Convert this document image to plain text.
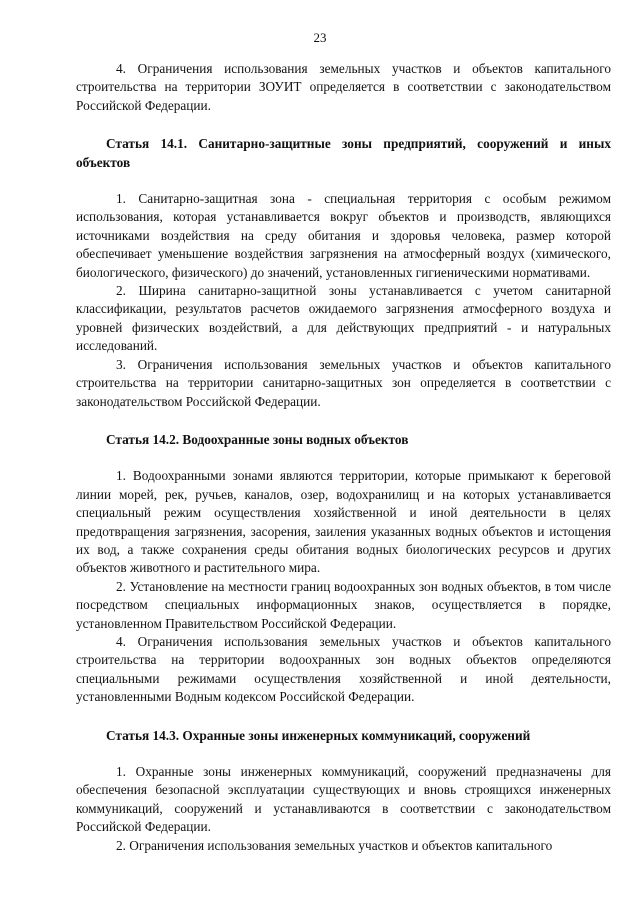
23

4. Ограничения использования земельных участков и объектов капитального строительства на территории ЗОУИТ определяется в соответствии с законодательством Российской Федерации.

Статья 14.1. Санитарно-защитные зоны предприятий, сооружений и иных объектов

1. Санитарно-защитная зона - специальная территория с особым режимом использования, которая устанавливается вокруг объектов и производств, являющихся источниками воздействия на среду обитания и здоровья человека, размер которой обеспечивает уменьшение воздействия загрязнения на атмосферный воздух (химического, биологического, физического) до значений, установленных гигиеническими нормативами.

2. Ширина санитарно-защитной зоны устанавливается с учетом санитарной классификации, результатов расчетов ожидаемого загрязнения атмосферного воздуха и уровней физических воздействий, а для действующих предприятий - и натуральных исследований.

3. Ограничения использования земельных участков и объектов капитального строительства на территории санитарно-защитных зон определяется в соответствии с законодательством Российской Федерации.

Статья 14.2. Водоохранные зоны водных объектов

1. Водоохранными зонами являются территории, которые примыкают к береговой линии морей, рек, ручьев, каналов, озер, водохранилищ и на которых устанавливается специальный режим осуществления хозяйственной и иной деятельности в целях предотвращения загрязнения, засорения, заиления указанных водных объектов и истощения их вод, а также сохранения среды обитания водных биологических ресурсов и других объектов животного и растительного мира.

2. Установление на местности границ водоохранных зон водных объектов, в том числе посредством специальных информационных знаков, осуществляется в порядке, установленном Правительством Российской Федерации.

4. Ограничения использования земельных участков и объектов капитального строительства на территории водоохранных зон водных объектов определяются специальными режимами осуществления хозяйственной и иной деятельности, установленными Водным кодексом Российской Федерации.

Статья 14.3. Охранные зоны инженерных коммуникаций, сооружений

1. Охранные зоны инженерных коммуникаций, сооружений предназначены для обеспечения безопасной эксплуатации существующих и вновь строящихся инженерных коммуникаций, сооружений и устанавливаются в соответствии с законодательством Российской Федерации.

2. Ограничения использования земельных участков и объектов капитального
